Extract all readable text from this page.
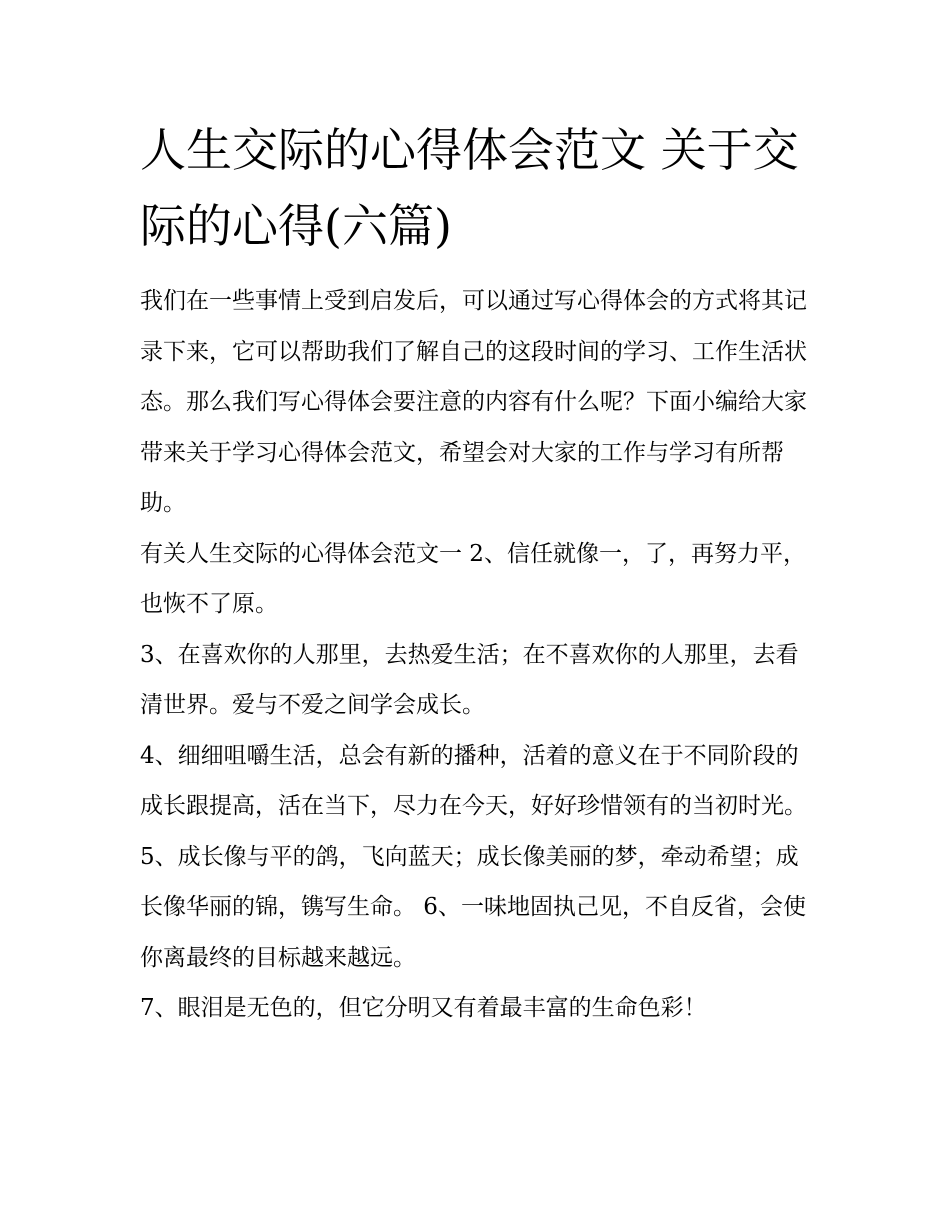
人生交际的心得体会范文 关于交际的心得(六篇)

我们在一些事情上受到启发后，可以通过写心得体会的方式将其记录下来，它可以帮助我们了解自己的这段时间的学习、工作生活状态。那么我们写心得体会要注意的内容有什么呢？下面小编给大家带来关于学习心得体会范文，希望会对大家的工作与学习有所帮助。

有关人生交际的心得体会范文一 2、信任就像一，了，再努力平，也恢不了原。

3、在喜欢你的人那里，去热爱生活；在不喜欢你的人那里，去看清世界。爱与不爱之间学会成长。

4、细细咀嚼生活，总会有新的播种，活着的意义在于不同阶段的成长跟提高，活在当下，尽力在今天，好好珍惜领有的当初时光。

5、成长像与平的鸽，飞向蓝天；成长像美丽的梦，牵动希望；成长像华丽的锦，镌写生命。 6、一味地固执己见，不自反省，会使你离最终的目标越来越远。

7、眼泪是无色的，但它分明又有着最丰富的生命色彩！
